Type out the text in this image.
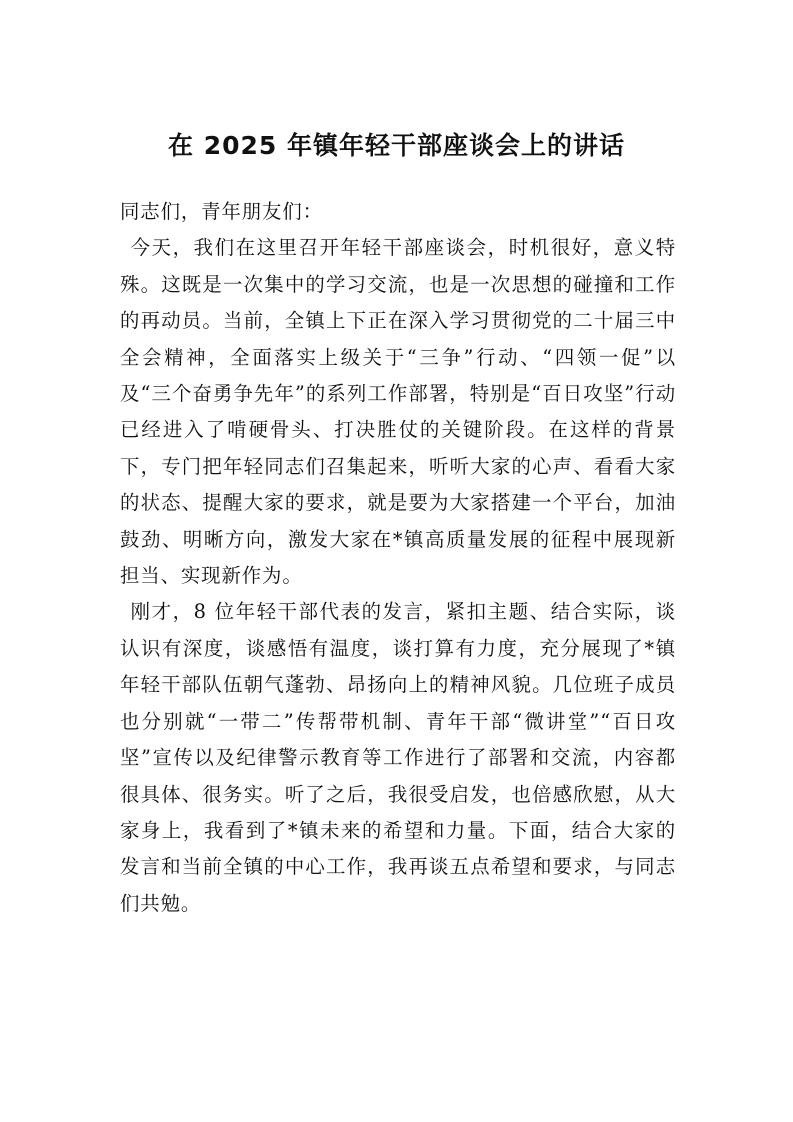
在 2025 年镇年轻干部座谈会上的讲话

同志们，青年朋友们：

今天，我们在这里召开年轻干部座谈会，时机很好，意义特殊。这既是一次集中的学习交流，也是一次思想的碰撞和工作的再动员。当前，全镇上下正在深入学习贯彻党的二十届三中全会精神，全面落实上级关于“三争”行动、“四领一促”以及“三个奋勇争先年”的系列工作部署，特别是“百日攻坚”行动已经进入了啃硬骨头、打决胜仗的关键阶段。在这样的背景下，专门把年轻同志们召集起来，听听大家的心声、看看大家的状态、提醒大家的要求，就是要为大家搭建一个平台，加油鼓劲、明晰方向，激发大家在*镇高质量发展的征程中展现新担当、实现新作为。

刚才，8 位年轻干部代表的发言，紧扣主题、结合实际，谈认识有深度，谈感悟有温度，谈打算有力度，充分展现了*镇年轻干部队伍朝气蓬勃、昂扬向上的精神风貌。几位班子成员也分别就“一带二”传帮带机制、青年干部“微讲堂”“百日攻坚”宣传以及纪律警示教育等工作进行了部署和交流，内容都很具体、很务实。听了之后，我很受启发，也倍感欣慰，从大家身上，我看到了*镇未来的希望和力量。下面，结合大家的发言和当前全镇的中心工作，我再谈五点希望和要求，与同志们共勉。
